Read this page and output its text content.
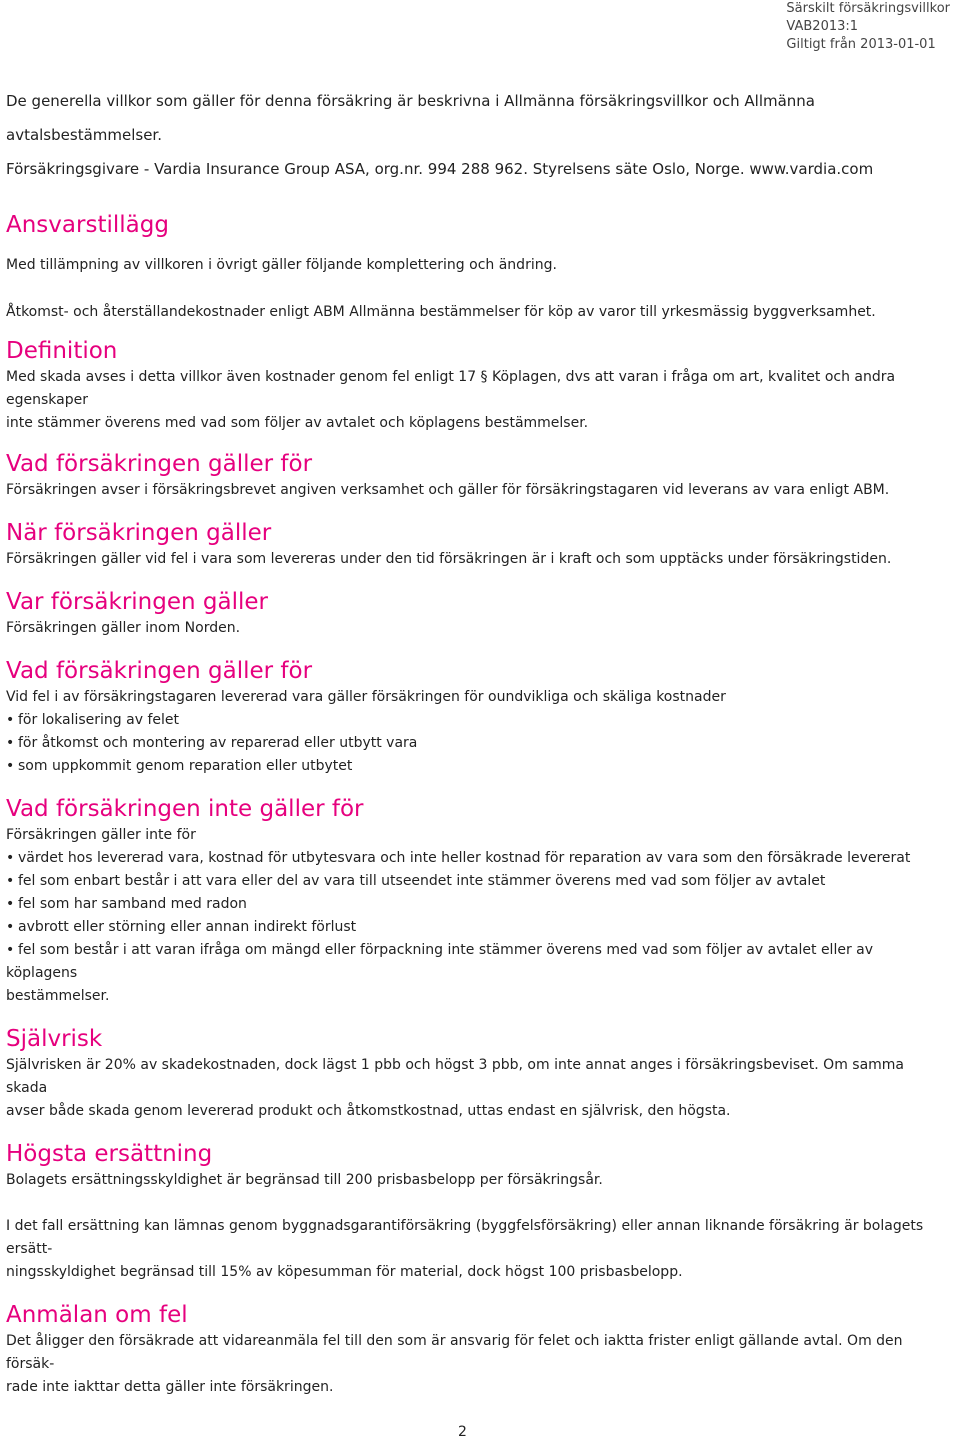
Särskilt försäkringsvillkor
VAB2013:1
Giltigt från 2013-01-01
De generella villkor som gäller för denna försäkring är beskrivna i Allmänna försäkringsvillkor och Allmänna avtalsbestämmelser.
Försäkringsgivare - Vardia Insurance Group ASA, org.nr. 994 288 962. Styrelsens säte Oslo, Norge. www.vardia.com
Ansvarstillägg

Med tillämpning av villkoren i övrigt gäller följande komplettering och ändring.

Åtkomst- och återställandekostnader enligt ABM Allmänna bestämmelser för köp av varor till yrkesmässig byggverksamhet.

Definition

Med skada avses i detta villkor även kostnader genom fel enligt 17 § Köplagen, dvs att varan i fråga om art, kvalitet och andra egenskaper

inte stämmer överens med vad som följer av avtalet och köplagens bestämmelser.

Vad försäkringen gäller för

Försäkringen avser i försäkringsbrevet angiven verksamhet och gäller för försäkringstagaren vid leverans av vara enligt ABM.

När försäkringen gäller

Försäkringen gäller vid fel i vara som levereras under den tid försäkringen är i kraft och som upptäcks under försäkringstiden.

Var försäkringen gäller

Försäkringen gäller inom Norden.

Vad försäkringen gäller för

Vid fel i av försäkringstagaren levererad vara gäller försäkringen för oundvikliga och skäliga kostnader

• för lokalisering av felet
• för åtkomst och montering av reparerad eller utbytt vara
• som uppkommit genom reparation eller utbytet
Vad försäkringen inte gäller för

Försäkringen gäller inte för

• värdet hos levererad vara, kostnad för utbytesvara och inte heller kostnad för reparation av vara som den försäkrade levererat
• fel som enbart består i att vara eller del av vara till utseendet inte stämmer överens med vad som följer av avtalet
• fel som har samband med radon
• avbrott eller störning eller annan indirekt förlust
• fel som består i att varan ifråga om mängd eller förpackning inte stämmer överens med vad som följer av avtalet eller av köplagens
bestämmelser.
Självrisk

Självrisken är 20% av skadekostnaden, dock lägst 1 pbb och högst 3 pbb, om inte annat anges i försäkringsbeviset. Om samma skada

avser både skada genom levererad produkt och åtkomstkostnad, uttas endast en självrisk, den högsta.

Högsta ersättning

Bolagets ersättningsskyldighet är begränsad till 200 prisbasbelopp per försäkringsår.

I det fall ersättning kan lämnas genom byggnadsgarantiförsäkring (byggfelsförsäkring) eller annan liknande försäkring är bolagets ersätt-

ningsskyldighet begränsad till 15% av köpesumman för material, dock högst 100 prisbasbelopp.

Anmälan om fel

Det åligger den försäkrade att vidareanmäla fel till den som är ansvarig för felet och iaktta frister enligt gällande avtal. Om den försäk-

rade inte iakttar detta gäller inte försäkringen.

2
